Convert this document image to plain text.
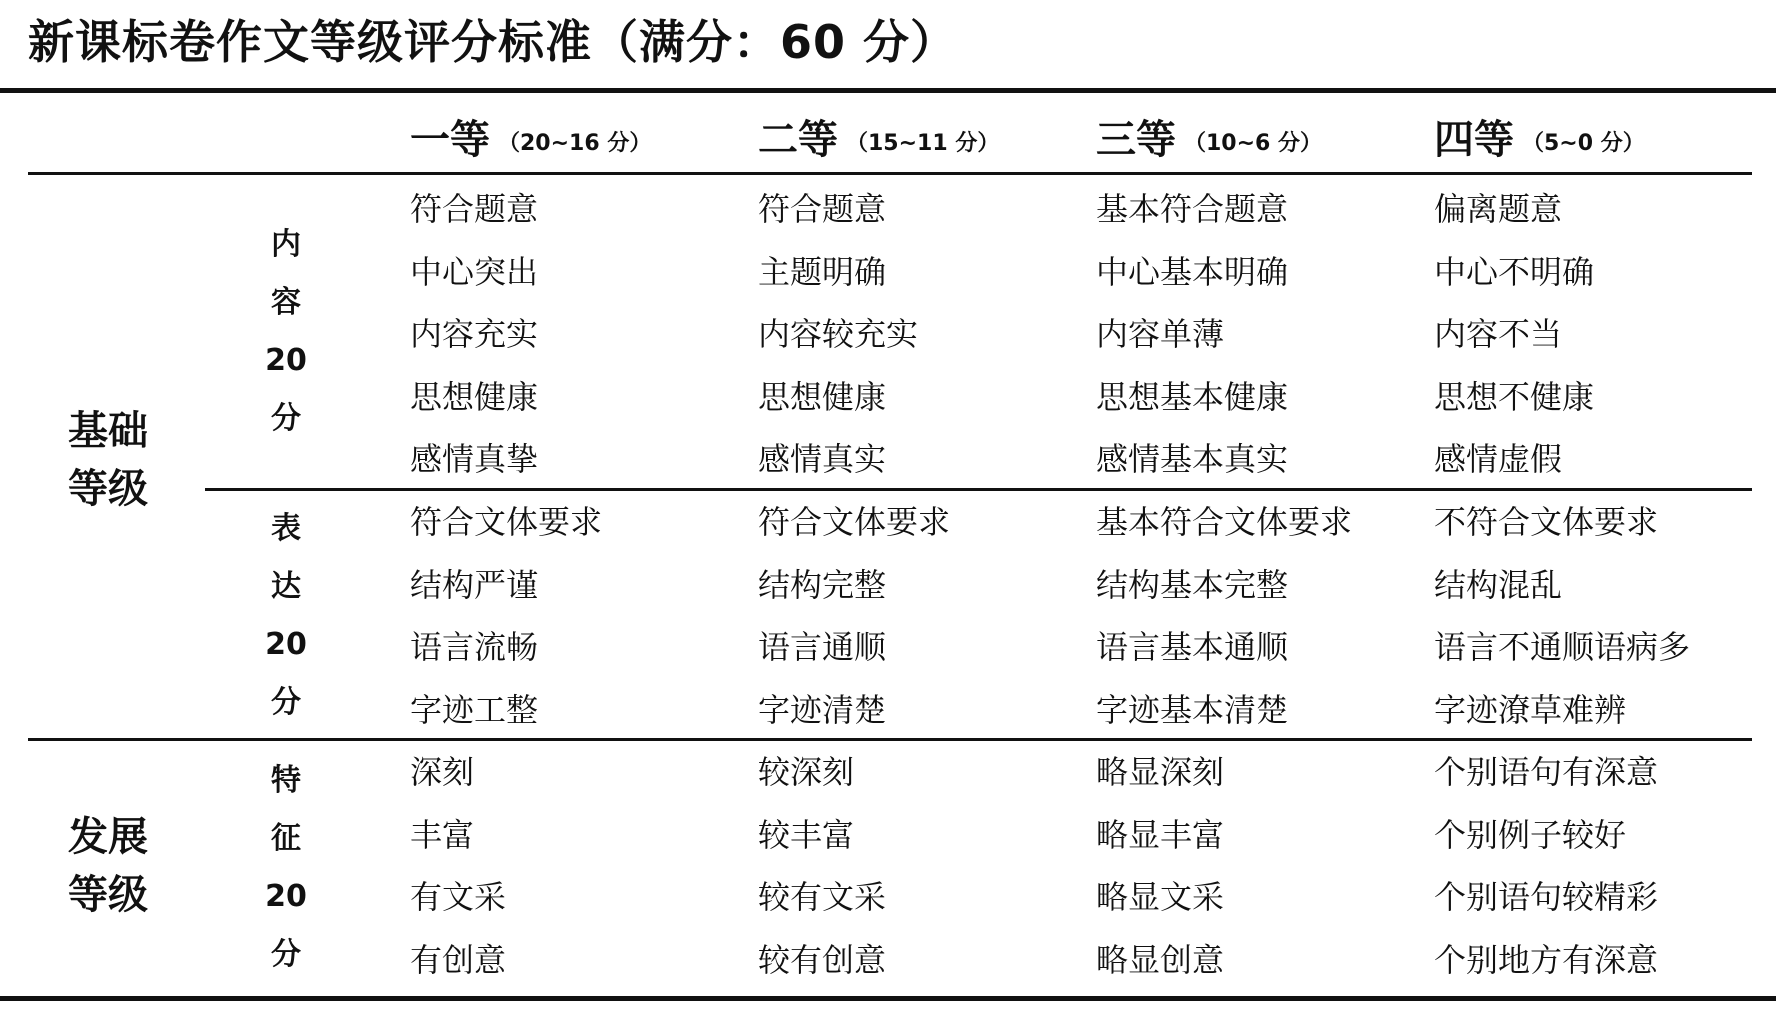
新课标卷作文等级评分标准（满分：60 分）
一等 （20~16 分）	二等 （15~11 分） 三等 （10~6 分）	四等 （5~0 分）
基础
等级
发展
等级
内
容
20
分
表
达
20
分
特
征
20
分
符合题意
中心突出
内容充实
思想健康
感情真挚
符合题意
主题明确
内容较充实
思想健康
感情真实
基本符合题意
中心基本明确
内容单薄
思想基本健康
感情基本真实
偏离题意
中心不明确
内容不当
思想不健康
感情虚假
符合文体要求
结构严谨
语言流畅
字迹工整
符合文体要求
结构完整
语言通顺
字迹清楚
基本符合文体要求
结构基本完整
语言基本通顺
字迹基本清楚
不符合文体要求
结构混乱
语言不通顺语病多
字迹潦草难辨
深刻
丰富
有文采
有创意
较深刻
较丰富
较有文采
较有创意
略显深刻
略显丰富
略显文采
略显创意
个别语句有深意
个别例子较好
个别语句较精彩
个别地方有深意
